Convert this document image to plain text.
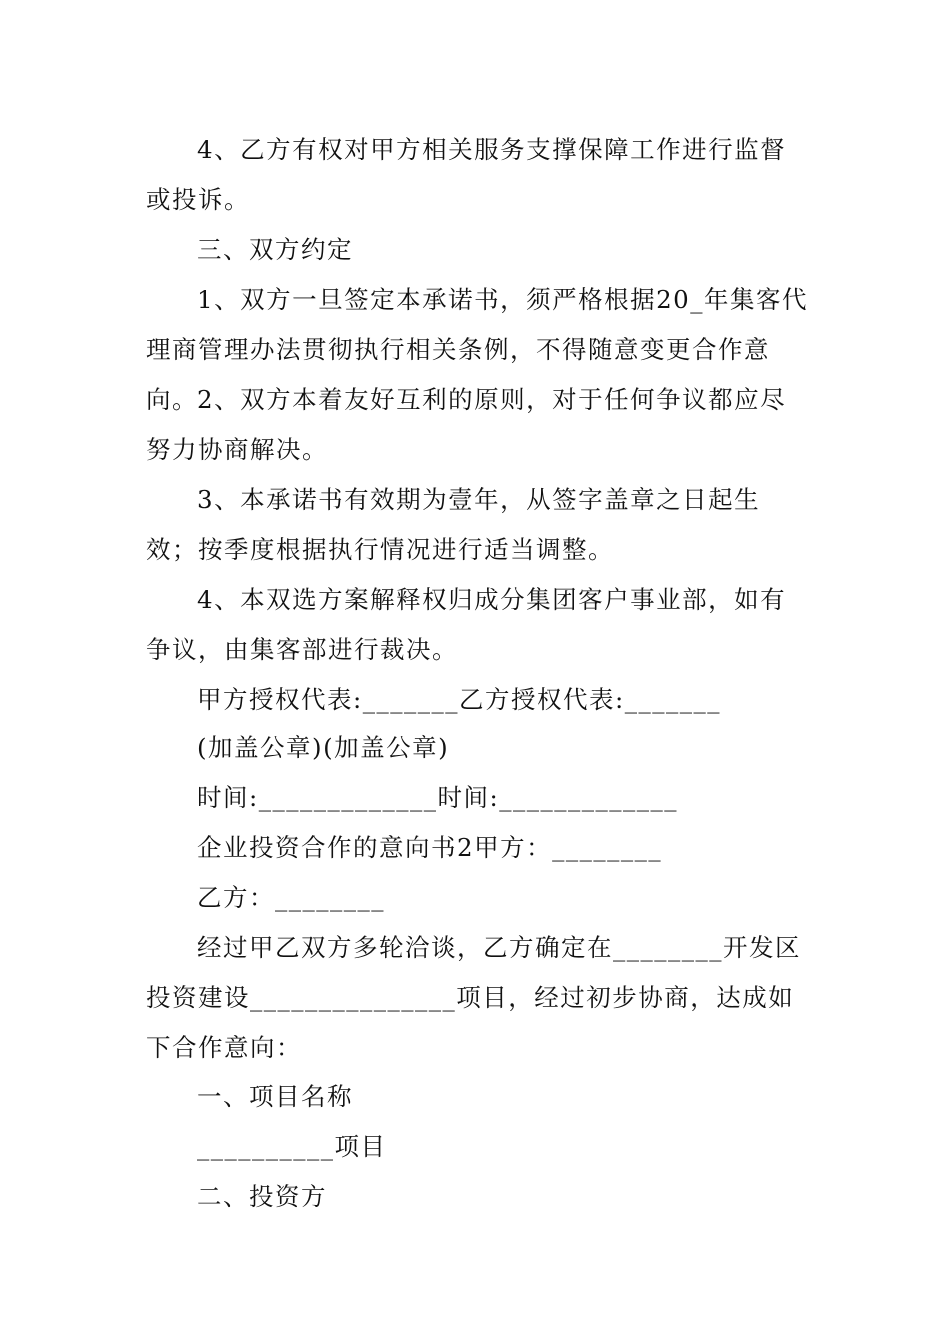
4、乙方有权对甲方相关服务支撑保障工作进行监督或投诉。

三、双方约定

1、双方一旦签定本承诺书，须严格根据20_年集客代理商管理办法贯彻执行相关条例，不得随意变更合作意向。 2、双方本着友好互利的原则，对于任何争议都应尽努力协商解决。

3、本承诺书有效期为壹年，从签字盖章之日起生效；按季度根据执行情况进行适当调整。

4、本双选方案解释权归成分集团客户事业部，如有争议，由集客部进行裁决。

甲方授权代表:_______乙方授权代表:_______

(加盖公章)(加盖公章)

时间:_____________时间:_____________

企业投资合作的意向书2甲方：________

乙方：________

经过甲乙双方多轮洽谈，乙方确定在________开发区投资建设_______________项目，经过初步协商，达成如下合作意向：

一、项目名称

__________项目

二、投资方
